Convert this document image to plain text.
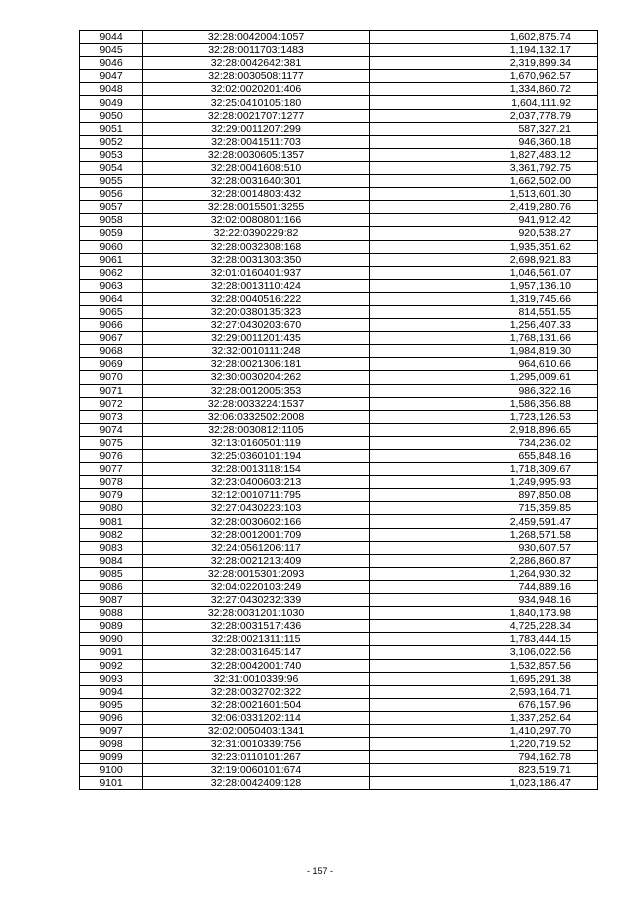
9044	32:28:0042004:1057	1,602,875.74
9045	32:28:0011703:1483	1,194,132.17
9046	32:28:0042642:381	2,319,899.34
9047	32:28:0030508:1177	1,670,962.57
9048	32:02:0020201:406	1,334,860.72
9049	32:25:0410105:180	1,604,111.92
9050	32:28:0021707:1277	2,037,778.79
9051	32:29:0011207:299	587,327.21
9052	32:28:0041511:703	946,360.18
9053	32:28:0030605:1357	1,827,483.12
9054	32:28:0041608:510	3,361,792.75
9055	32:28:0031640:301	1,662,502.00
9056	32:28:0014803:432	1,513,601.30
9057	32:28:0015501:3255	2,419,280.76
9058	32:02:0080801:166	941,912.42
9059	32:22:0390229:82	920,538.27
9060	32:28:0032308:168	1,935,351.62
9061	32:28:0031303:350	2,698,921.83
9062	32:01:0160401:937	1,046,561.07
9063	32:28:0013110:424	1,957,136.10
9064	32:28:0040516:222	1,319,745.66
9065	32:20:0380135:323	814,551.55
9066	32:27:0430203:670	1,256,407.33
9067	32:29:0011201:435	1,768,131.66
9068	32:32:0010111:248	1,984,819.30
9069	32:28:0021306:181	964,610.66
9070	32:30:0030204:262	1,295,009.61
9071	32:28:0012005:353	986,322.16
9072	32:28:0033224:1537	1,586,356.88
9073	32:06:0332502:2008	1,723,126.53
9074	32:28:0030812:1105	2,918,896.65
9075	32:13:0160501:119	734,236.02
9076	32:25:0360101:194	655,848.16
9077	32:28:0013118:154	1,718,309.67
9078	32:23:0400603:213	1,249,995.93
9079	32:12:0010711:795	897,850.08
9080	32:27:0430223:103	715,359.85
9081	32:28:0030602:166	2,459,591.47
9082	32:28:0012001:709	1,268,571.58
9083	32:24:0561206:117	930,607.57
9084	32:28:0021213:409	2,286,860.87
9085	32:28:0015301:2093	1,264,930.32
9086	32:04:0220103:249	744,889.16
9087	32:27:0430232:339	934,948.16
9088	32:28:0031201:1030	1,840,173.98
9089	32:28:0031517:436	4,725,228.34
9090	32:28:0021311:115	1,783,444.15
9091	32:28:0031645:147	3,106,022.56
9092	32:28:0042001:740	1,532,857.56
9093	32:31:0010339:96	1,695,291.38
9094	32:28:0032702:322	2,593,164.71
9095	32:28:0021601:504	676,157.96
9096	32:06:0331202:114	1,337,252.64
9097	32:02:0050403:1341	1,410,297.70
9098	32:31:0010339:756	1,220,719.52
9099	32:23:0110101:267	794,162.78
9100	32:19:0060101:674	823,519.71
9101	32:28:0042409:128	1,023,186.47
- 157 -
